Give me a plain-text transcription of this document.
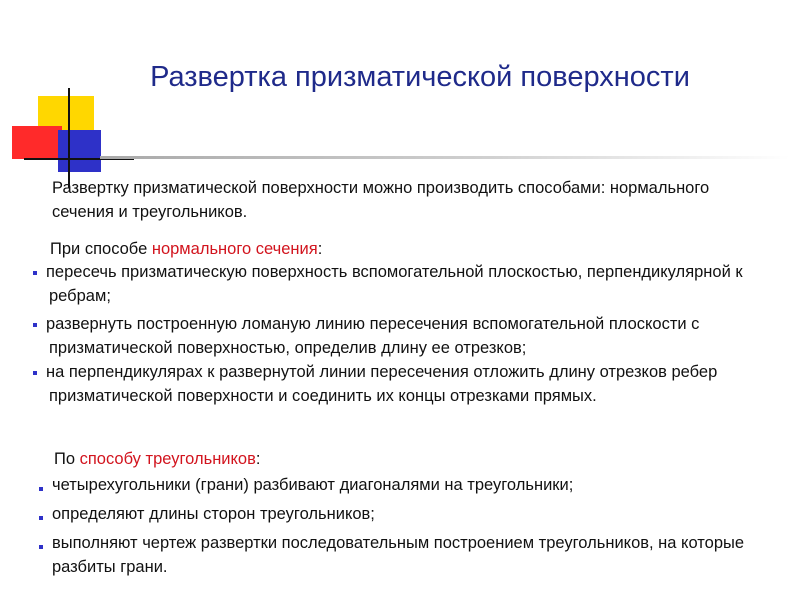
Развертка призматической поверхности

Развертку призматической поверхности можно производить способами: нормального сечения и треугольников.

При способе нормального сечения:

пересечь призматическую поверхность вспомогательной плоскостью, перпендикулярной к ребрам;
развернуть построенную ломаную линию пересечения вспомогательной плоскости с призматической поверхностью, определив длину ее отрезков;
на перпендикулярах к развернутой линии пересечения отложить длину отрезков ребер призматической поверхности и соединить их концы отрезками прямых.

По способу треугольников:

четырехугольники (грани) разбивают диагоналями на треугольники;
определяют длины сторон треугольников;
выполняют чертеж развертки последовательным построением треугольников, на которые разбиты грани.
